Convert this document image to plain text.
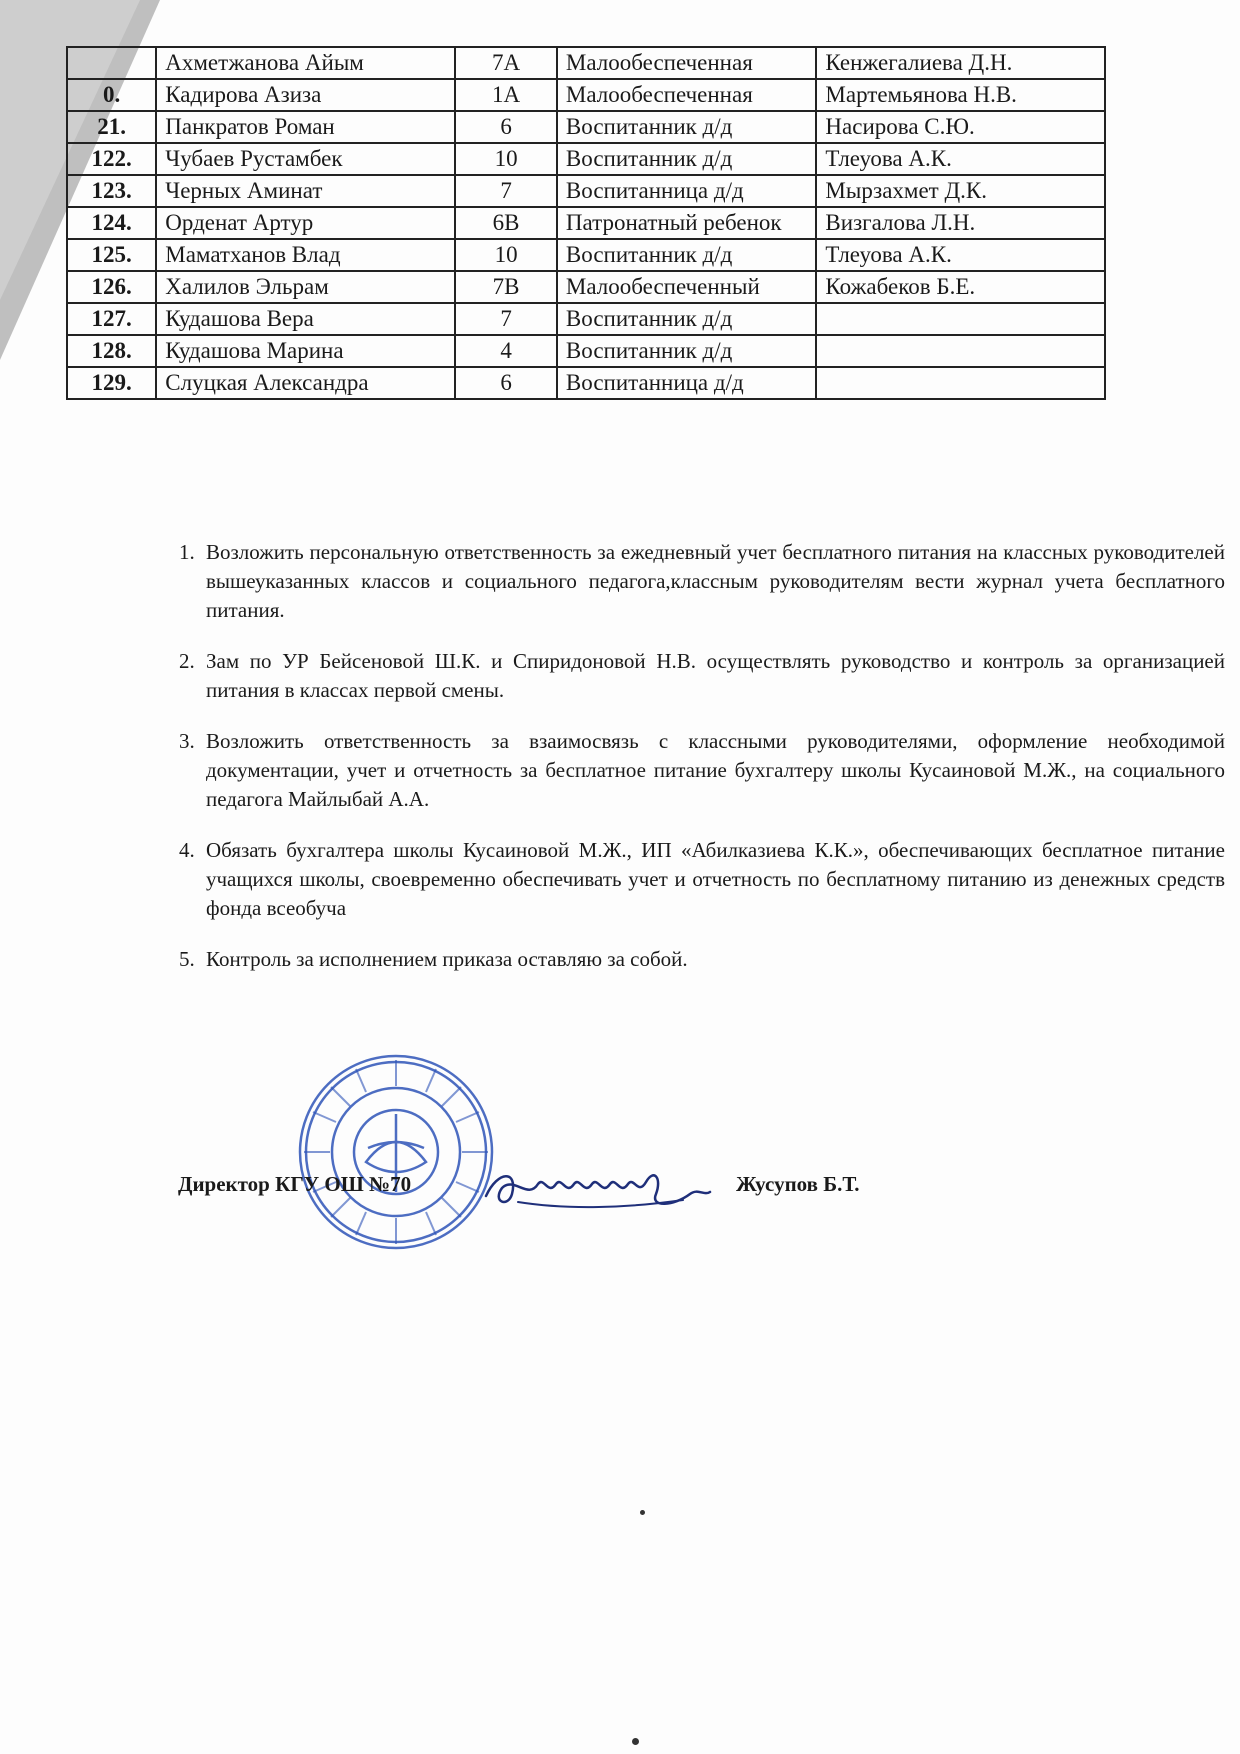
	Ахметжанова Айым	7А	Малообеспеченная	Кенжегалиева Д.Н.
0.	Кадирова Азиза	1А	Малообеспеченная	Мартемьянова Н.В.
21.	Панкратов Роман	6	Воспитанник д/д	Насирова С.Ю.
122.	Чубаев Рустамбек	10	Воспитанник д/д	Тлеуова А.К.
123.	Черных Аминат	7	Воспитанница д/д	Мырзахмет Д.К.
124.	Орденат Артур	6В	Патронатный ребенок	Визгалова Л.Н.
125.	Маматханов Влад	10	Воспитанник д/д	Тлеуова А.К.
126.	Халилов Эльрам	7В	Малообеспеченный	Кожабеков Б.Е.
127.	Кудашова Вера	7	Воспитанник д/д	
128.	Кудашова Марина	4	Воспитанник д/д	
129.	Слуцкая Александра	6	Воспитанница д/д	
1. Возложить персональную ответственность за ежедневный учет бесплатного питания на классных руководителей вышеуказанных классов и социального педагога,классным руководителям вести журнал учета бесплатного питания.
2. Зам по УР Бейсеновой Ш.К. и Спиридоновой Н.В. осуществлять руководство и контроль за организацией питания в классах первой смены.
3. Возложить ответственность за взаимосвязь с классными руководителями, оформление необходимой документации, учет и отчетность за бесплатное питание бухгалтеру школы Кусаиновой М.Ж., на социального педагога Майлыбай А.А.
4. Обязать бухгалтера школы Кусаиновой М.Ж., ИП «Абилказиева К.К.», обеспечивающих бесплатное питание учащихся школы, своевременно обеспечивать учет и отчетность по бесплатному питанию из денежных средств фонда всеобуча
5. Контроль за исполнением приказа оставляю за собой.
Директор КГУ ОШ №70	Жусупов Б.Т.
